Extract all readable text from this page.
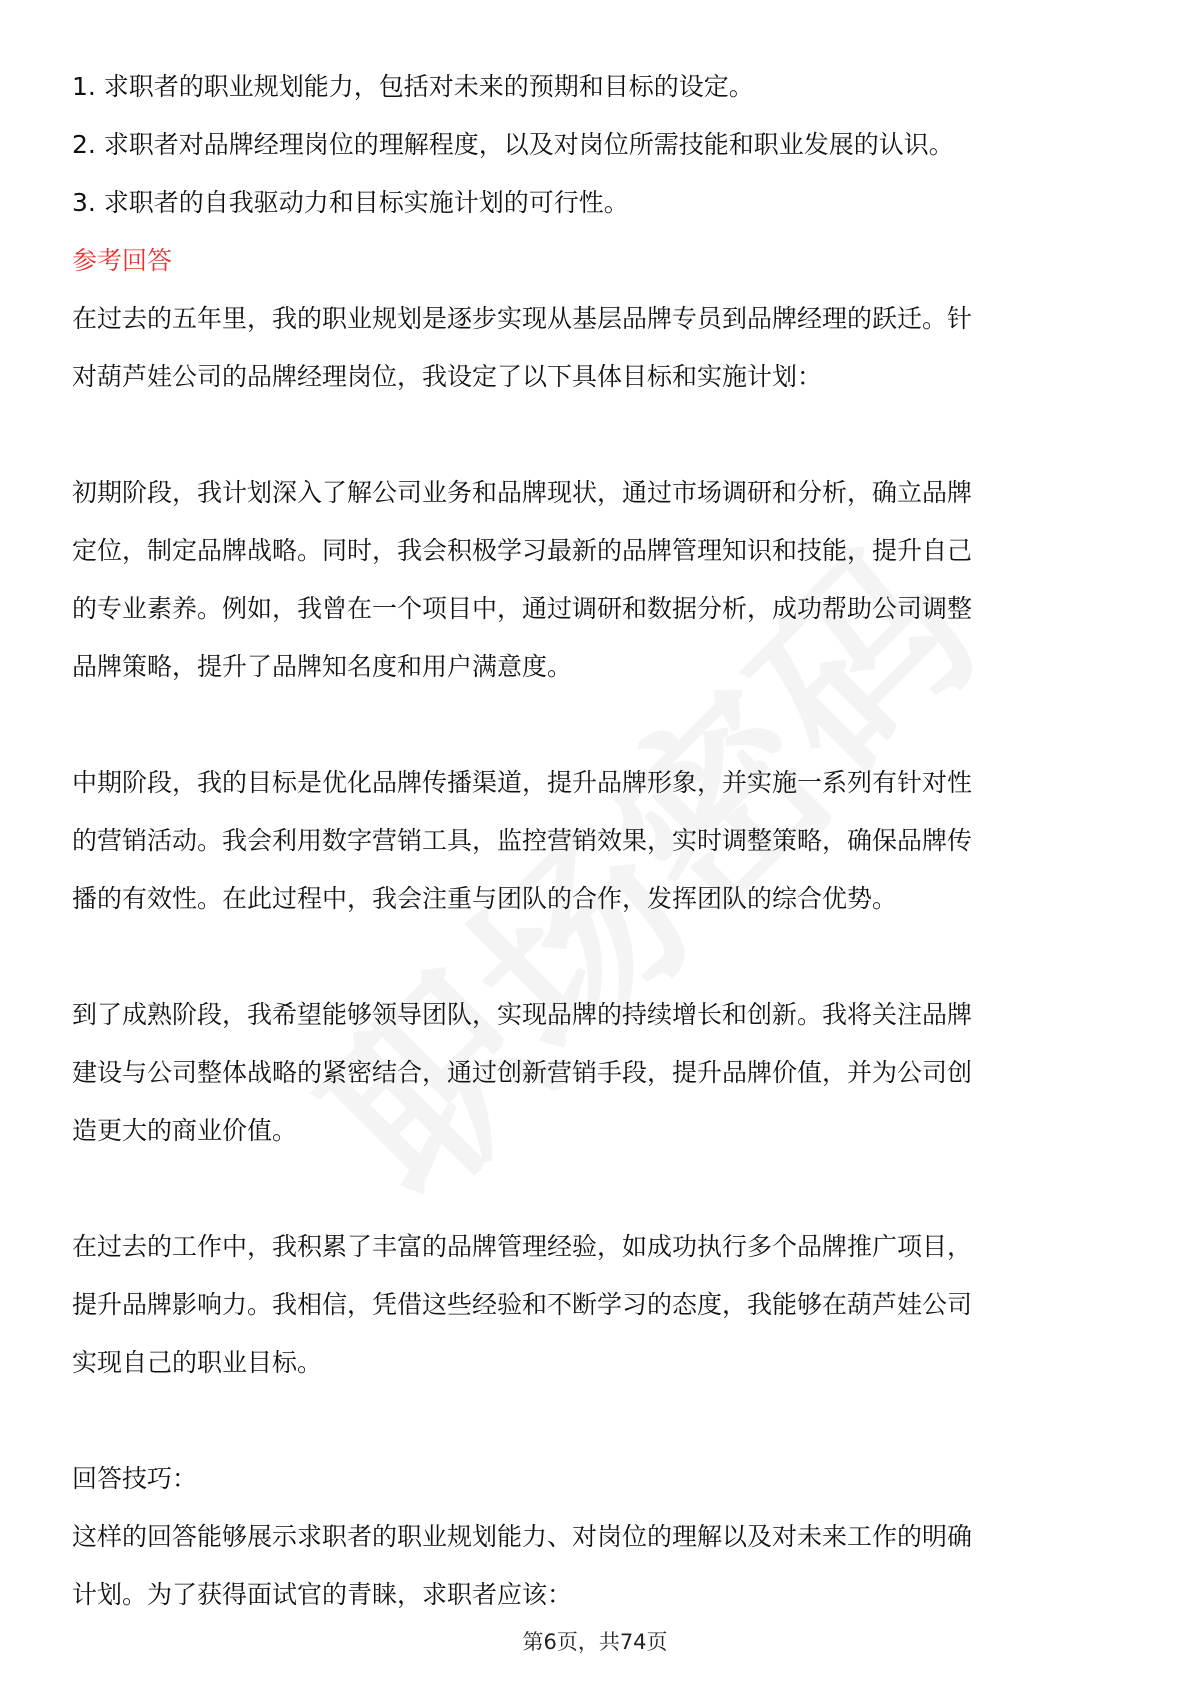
1. 求职者的职业规划能力，包括对未来的预期和目标的设定。
2. 求职者对品牌经理岗位的理解程度，以及对岗位所需技能和职业发展的认识。
3. 求职者的自我驱动力和目标实施计划的可行性。
参考回答
在过去的五年里，我的职业规划是逐步实现从基层品牌专员到品牌经理的跃迁。针
对葫芦娃公司的品牌经理岗位，我设定了以下具体目标和实施计划：
初期阶段，我计划深入了解公司业务和品牌现状，通过市场调研和分析，确立品牌
定位，制定品牌战略。同时，我会积极学习最新的品牌管理知识和技能，提升自己
的专业素养。例如，我曾在一个项目中，通过调研和数据分析，成功帮助公司调整
品牌策略，提升了品牌知名度和用户满意度。
中期阶段，我的目标是优化品牌传播渠道，提升品牌形象，并实施一系列有针对性
的营销活动。我会利用数字营销工具，监控营销效果，实时调整策略，确保品牌传
播的有效性。在此过程中，我会注重与团队的合作，发挥团队的综合优势。
到了成熟阶段，我希望能够领导团队，实现品牌的持续增长和创新。我将关注品牌
建设与公司整体战略的紧密结合，通过创新营销手段，提升品牌价值，并为公司创
造更大的商业价值。
在过去的工作中，我积累了丰富的品牌管理经验，如成功执行多个品牌推广项目，
提升品牌影响力。我相信，凭借这些经验和不断学习的态度，我能够在葫芦娃公司
实现自己的职业目标。
回答技巧：
这样的回答能够展示求职者的职业规划能力、对岗位的理解以及对未来工作的明确
计划。为了获得面试官的青睐，求职者应该：
第6页，共74页
